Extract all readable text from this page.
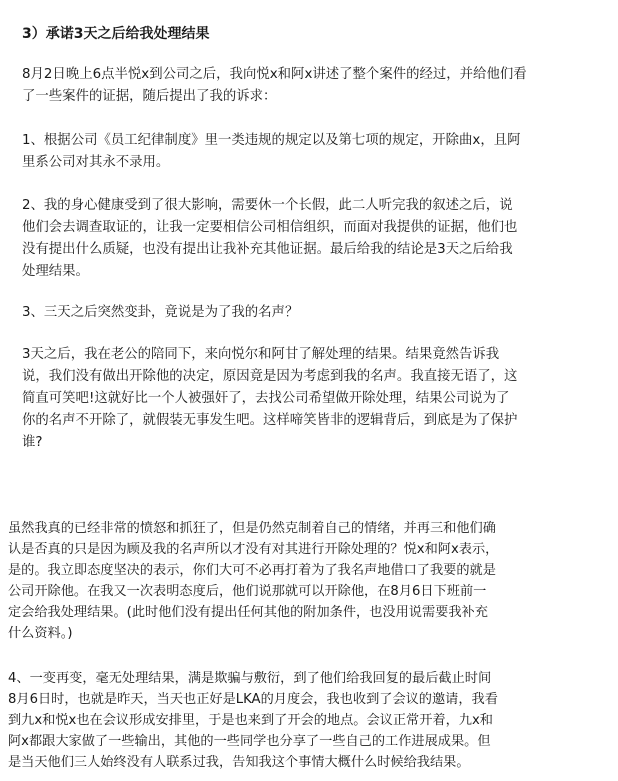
3）承诺3天之后给我处理结果
8月2日晚上6点半悦x到公司之后，我向悦x和阿x讲述了整个案件的经过，并给他们看
了一些案件的证据，随后提出了我的诉求：
1、根据公司《员工纪律制度》里一类违规的规定以及第七项的规定，开除曲x，且阿
里系公司对其永不录用。
2、我的身心健康受到了很大影响，需要休一个长假，此二人听完我的叙述之后，说
他们会去调查取证的，让我一定要相信公司相信组织，而面对我提供的证据，他们也
没有提出什么质疑，也没有提出让我补充其他证据。最后给我的结论是3天之后给我
处理结果。
3、三天之后突然变卦，竟说是为了我的名声？
3天之后，我在老公的陪同下，来向悦尔和阿甘了解处理的结果。结果竟然告诉我
说，我们没有做出开除他的决定，原因竟是因为考虑到我的名声。我直接无语了，这
简直可笑吧!这就好比一个人被强奸了，去找公司希望做开除处理，结果公司说为了
你的名声不开除了，就假装无事发生吧。这样啼笑皆非的逻辑背后，到底是为了保护
谁?
虽然我真的已经非常的愤怒和抓狂了，但是仍然克制着自己的情绪，并再三和他们确
认是否真的只是因为顾及我的名声所以才没有对其进行开除处理的？悦x和阿x表示，
是的。我立即态度坚决的表示，你们大可不必再打着为了我名声地借口了我要的就是
公司开除他。在我又一次表明态度后，他们说那就可以开除他，在8月6日下班前一
定会给我处理结果。(此时他们没有提出任何其他的附加条件，也没用说需要我补充
什么资料。)
4、一变再变，毫无处理结果，满是欺骗与敷衍，到了他们给我回复的最后截止时间
8月6日时，也就是昨天，当天也正好是LKA的月度会，我也收到了会议的邀请，我看
到九x和悦x也在会议形成安排里，于是也来到了开会的地点。会议正常开着，九x和
阿x都跟大家做了一些输出，其他的一些同学也分享了一些自己的工作进展成果。但
是当天他们三人始终没有人联系过我，告知我这个事情大概什么时候给我结果。
